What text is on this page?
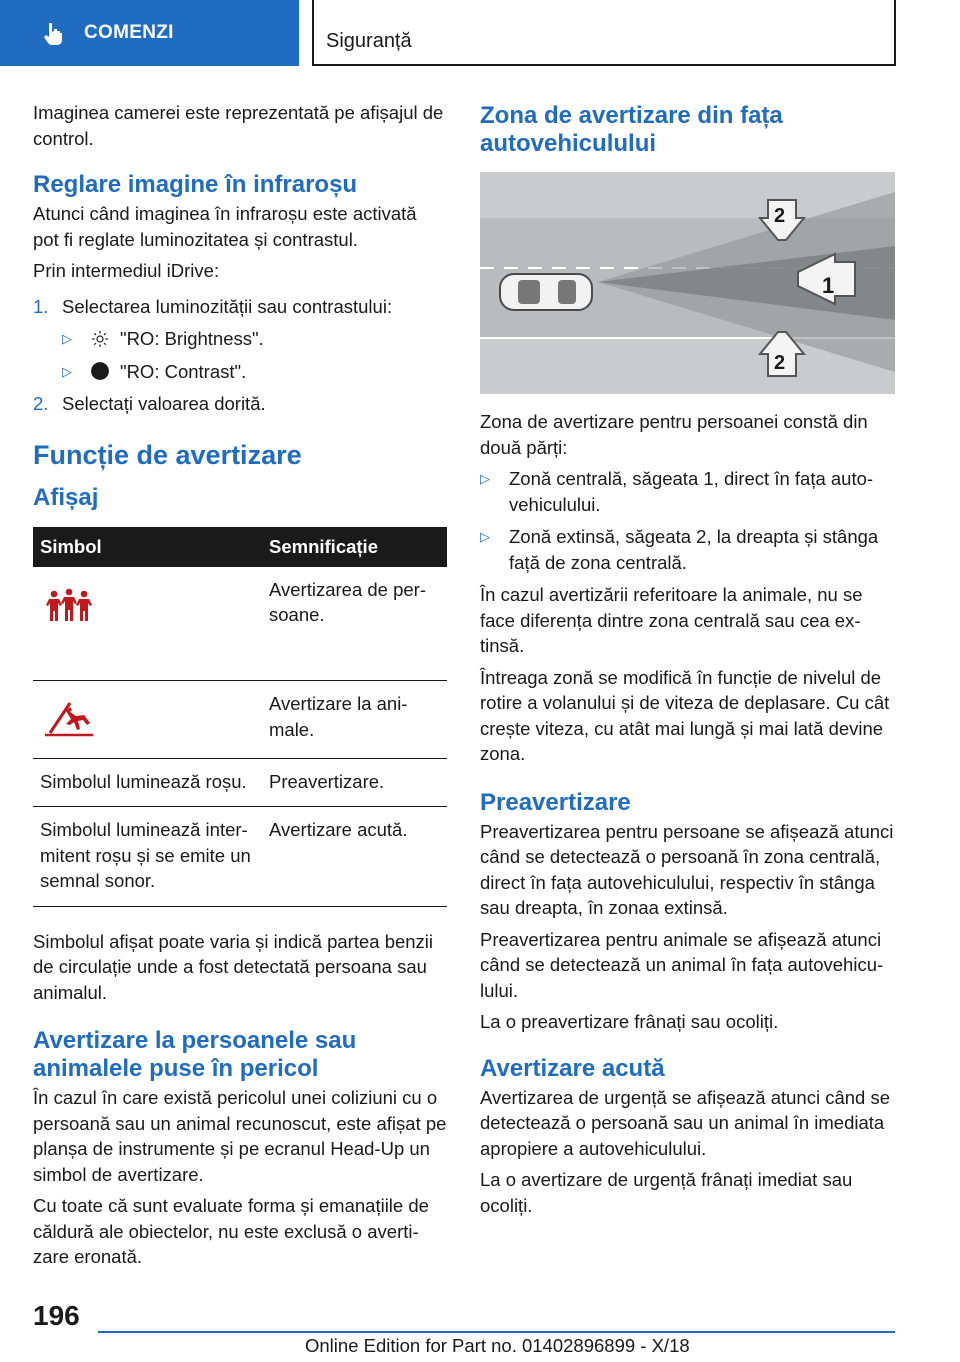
COMENZI	Siguranță

Imaginea camerei este reprezentată pe afișajul de control.

Reglare imagine în infraroșu

Atunci când imaginea în infraroșu este activată pot fi reglate luminozitatea și contrastul.

Prin intermediul iDrive:

1. Selectarea luminozității sau contrastului:
▷	"RO: Brightness".
▷	"RO: Contrast".
2. Selectați valoarea dorită.
Funcție de avertizare
Afișaj
Simbol	Semnificație
	Avertizarea de per-soane.
	Avertizare la ani-male.
Simbolul luminează roșu.	Preavertizare.
Simbolul luminează inter-mitent roșu și se emite un semnal sonor.	Avertizare acută.

Simbolul afișat poate varia și indică partea benzii de circulație unde a fost detectată persoana sau animalul.

Avertizare la persoanele sau animalele puse în pericol

În cazul în care există pericolul unei coliziuni cu o persoană sau un animal recunoscut, este afișat pe planșa de instrumente și pe ecranul Head-Up un simbol de avertizare.

Cu toate că sunt evaluate forma și emanațiile de căldură ale obiectelor, nu este exclusă o averti-zare eronată.

Zona de avertizare din fața autovehiculului
1
2
2

Zona de avertizare pentru persoanei constă din două părți:

▷	Zonă centrală, săgeata 1, direct în fața auto-vehiculului.
▷	Zonă extinsă, săgeata 2, la dreapta și stânga față de zona centrală.

În cazul avertizării referitoare la animale, nu se face diferența dintre zona centrală sau cea ex-tinsă.

Întreaga zonă se modifică în funcție de nivelul de rotire a volanului și de viteza de deplasare. Cu cât crește viteza, cu atât mai lungă și mai lată devine zona.

Preavertizare

Preavertizarea pentru persoane se afișează atunci când se detectează o persoană în zona centrală, direct în fața autovehiculului, respectiv în stânga sau dreapta, în zonaa extinsă.

Preavertizarea pentru animale se afișează atunci când se detectează un animal în fața autovehicu-lului.

La o preavertizare frânați sau ocoliți.

Avertizare acută

Avertizarea de urgență se afișează atunci când se detectează o persoană sau un animal în imediata apropiere a autovehiculului.

La o avertizare de urgență frânați imediat sau ocoliți.

196
Online Edition for Part no. 01402896899 - X/18
